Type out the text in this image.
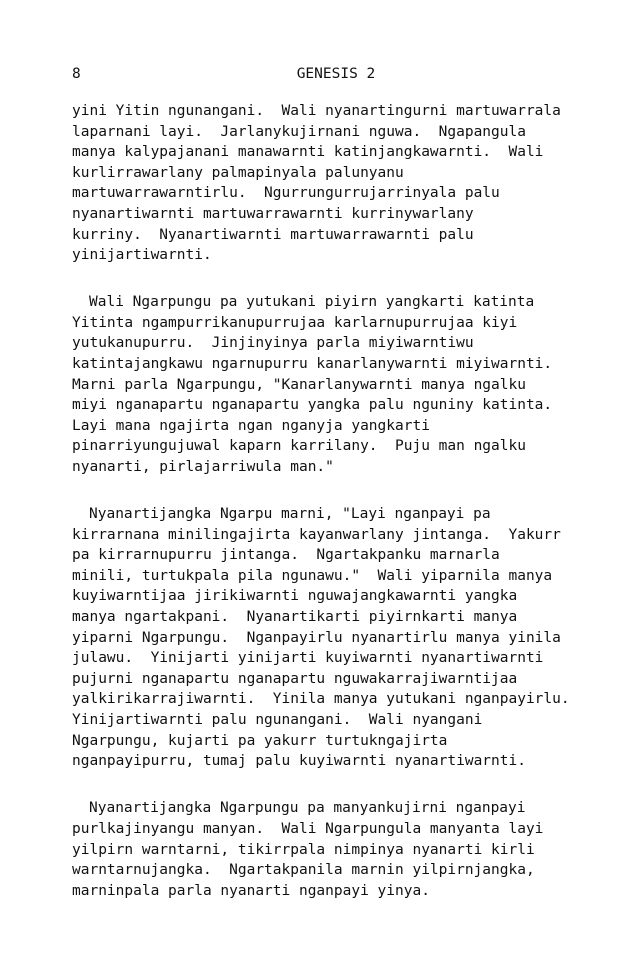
8	GENESIS 2

yini Yitin ngunangani.  Wali nyanartingurni martuwarrala
laparnani layi.  Jarlanykujirnani nguwa.  Ngapangula
manya kalypajanani manawarnti katinjangkawarnti.  Wali
kurlirrawarlany palmapinyala palunyanu
martuwarrawarntirlu.  Ngurrungurrujarrinyala palu
nyanartiwarnti martuwarrawarnti kurrinywarlany
kurriny.  Nyanartiwarnti martuwarrawarnti palu
yinijartiwarnti.

Wali Ngarpungu pa yutukani piyirn yangkarti katinta
Yitinta ngampurrikanupurrujaa karlarnupurrujaa kiyi
yutukanupurru.  Jinjinyinya parla miyiwarntiwu
katintajangkawu ngarnupurru kanarlanywarnti miyiwarnti.
Marni parla Ngarpungu, "Kanarlanywarnti manya ngalku
miyi nganapartu nganapartu yangka palu nguniny katinta.
Layi mana ngajirta ngan nganyja yangkarti
pinarriyungujuwal kaparn karrilany.  Puju man ngalku
nyanarti, pirlajarriwula man."

Nyanartijangka Ngarpu marni, "Layi nganpayi pa
kirrarnana minilingajirta kayanwarlany jintanga.  Yakurr
pa kirrarnupurru jintanga.  Ngartakpanku marnarla
minili, turtukpala pila ngunawu."  Wali yiparnila manya
kuyiwarntijaa jirikiwarnti nguwajangkawarnti yangka
manya ngartakpani.  Nyanartikarti piyirnkarti manya
yiparni Ngarpungu.  Nganpayirlu nyanartirlu manya yinila
julawu.  Yinijarti yinijarti kuyiwarnti nyanartiwarnti
pujurni nganapartu nganapartu nguwakarrajiwarntijaa
yalkirikarrajiwarnti.  Yinila manya yutukani nganpayirlu.
Yinijartiwarnti palu ngunangani.  Wali nyangani
Ngarpungu, kujarti pa yakurr turtukngajirta
nganpayipurru, tumaj palu kuyiwarnti nyanartiwarnti.

Nyanartijangka Ngarpungu pa manyankujirni nganpayi
purlkajinyangu manyan.  Wali Ngarpungula manyanta layi
yilpirn warntarni, tikirrpala nimpinya nyanarti kirli
warntarnujangka.  Ngartakpanila marnin yilpirnjangka,
marninpala parla nyanarti nganpayi yinya.
